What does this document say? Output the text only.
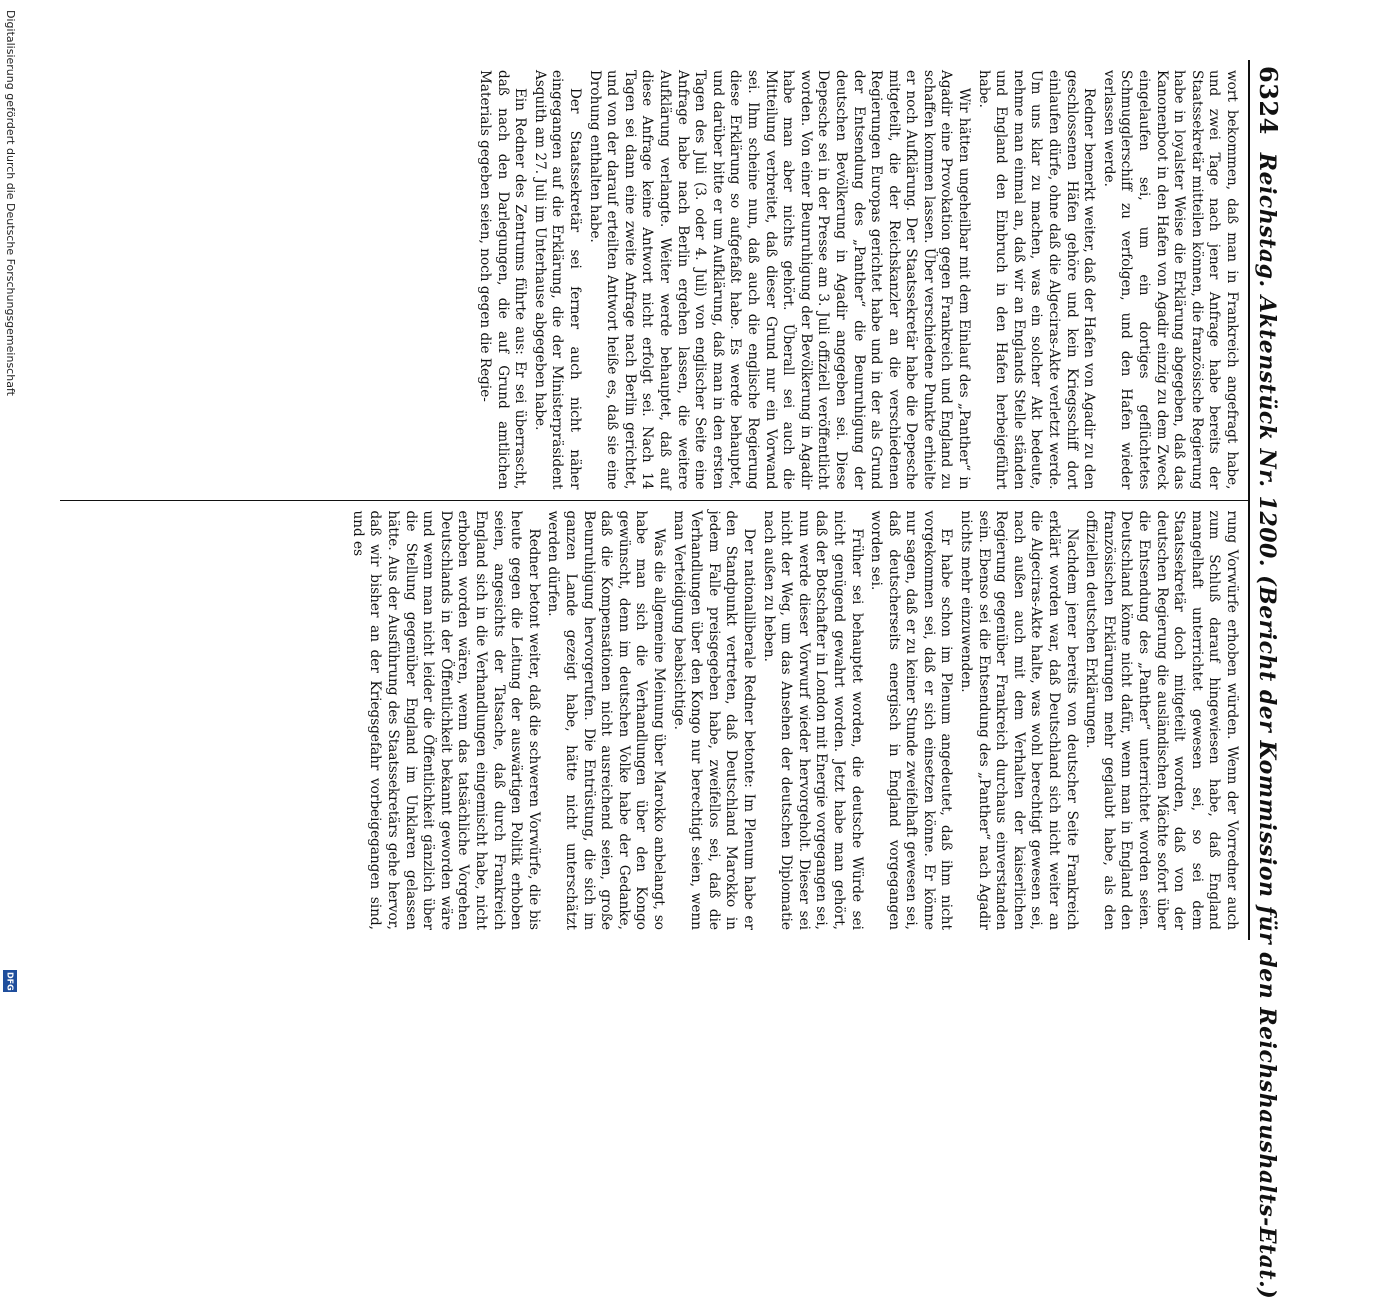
Digitalisierung gefördert durch die Deutsche Forschungsgemeinschaft
DFG
6324
Reichstag. Aktenstück Nr. 1200. (Bericht der Kommission für den Reichshaushalts-Etat.)

wort bekommen, daß man in Frankreich angefragt habe, und zwei Tage nach jener Anfrage habe bereits der Staatssekretär mitteilen können, die französische Regierung habe in loyalster Weise die Erklärung abgegeben, daß das Kanonenboot in den Hafen von Agadir einzig zu dem Zweck eingelaufen sei, um ein dortiges geflüchtetes Schmugglerschiff zu verfolgen, und den Hafen wieder verlassen werde.

Redner bemerkt weiter, daß der Hafen von Agadir zu den geschlossenen Häfen gehöre und kein Kriegsschiff dort einlaufen dürfe, ohne daß die Algeciras-Akte verletzt werde. Um uns klar zu machen, was ein solcher Akt bedeute, nehme man einmal an, daß wir an Englands Stelle ständen und England den Einbruch in den Hafen herbeigeführt habe.

Wir hätten ungeheilbar mit dem Einlauf des „Panther“ in Agadir eine Provokation gegen Frankreich und England zu schaffen kommen lassen. Über verschiedene Punkte erhielte er noch Aufklärung. Der Staatssekretär habe die Depesche mitgeteilt, die der Reichskanzler an die verschiedenen Regierungen Europas gerichtet habe und in der als Grund der Entsendung des „Panther“ die Beunruhigung der deutschen Bevölkerung in Agadir angegeben sei. Diese Depesche sei in der Presse am 3. Juli offiziell veröffentlicht worden. Von einer Beunruhigung der Bevölkerung in Agadir habe man aber nichts gehört. Überall sei auch die Mitteilung verbreitet, daß dieser Grund nur ein Vorwand sei. Ihm scheine nun, daß auch die englische Regierung diese Erklärung so aufgefaßt habe. Es werde behauptet, und darüber bitte er um Aufklärung, daß man in den ersten Tagen des Juli (3. oder 4. Juli) von englischer Seite eine Anfrage habe nach Berlin ergehen lassen, die weitere Aufklärung verlangte. Weiter werde behauptet, daß auf diese Anfrage keine Antwort nicht erfolgt sei. Nach 14 Tagen sei dann eine zweite Anfrage nach Berlin gerichtet, und von der darauf erteilten Antwort heiße es, daß sie eine Drohung enthalten habe.

Der Staatssekretär sei ferner auch nicht näher eingegangen auf die Erklärung, die der Ministerpräsident Asquith am 27. Juli im Unterhause abgegeben habe.

Ein Redner des Zentrums führte aus: Er sei überrascht, daß nach den Darlegungen, die auf Grund amtlichen Materials gegeben seien, noch gegen die Regie-

rung Vorwürfe erhoben würden. Wenn der Vorredner auch zum Schluß darauf hingewiesen habe, daß England mangelhaft unterrichtet gewesen sei, so sei dem Staatssekretär doch mitgeteilt worden, daß von der deutschen Regierung die ausländischen Mächte sofort über die Entsendung des „Panther“ unterrichtet worden seien. Deutschland könne nicht dafür, wenn man in England den französischen Erklärungen mehr geglaubt habe, als den offiziellen deutschen Erklärungen.

Nachdem jener bereits von deutscher Seite Frankreich erklärt worden war, daß Deutschland sich nicht weiter an die Algeciras-Akte halte, was wohl berechtigt gewesen sei, nach außen auch mit dem Verhalten der kaiserlichen Regierung gegenüber Frankreich durchaus einverstanden sein. Ebenso sei die Entsendung des „Panther“ nach Agadir nichts mehr einzuwenden.

Er habe schon im Plenum angedeutet, daß ihm nicht vorgekommen sei, daß er sich einsetzen könne. Er könne nur sagen, daß er zu keiner Stunde zweifelhaft gewesen sei, daß deutscherseits energisch in England vorgegangen worden sei.

Früher sei behauptet worden, die deutsche Würde sei nicht genügend gewahrt worden. Jetzt habe man gehört, daß der Botschafter in London mit Energie vorgegangen sei, nun werde dieser Vorwurf wieder hervorgeholt. Dieser sei nicht der Weg, um das Ansehen der deutschen Diplomatie nach außen zu heben.

Der nationalliberale Redner betonte: Im Plenum habe er den Standpunkt vertreten, daß Deutschland Marokko in jedem Falle preisgegeben habe, zweifellos sei, daß die Verhandlungen über den Kongo nur berechtigt seien, wenn man Verteidigung beabsichtige.

Was die allgemeine Meinung über Marokko anbelangt, so habe man sich die Verhandlungen über den Kongo gewünscht, denn im deutschen Volke habe der Gedanke, daß die Kompensationen nicht ausreichend seien, große Beunruhigung hervorgerufen. Die Entrüstung, die sich im ganzen Lande gezeigt habe, hätte nicht unterschätzt werden dürfen.

Redner betont weiter, daß die schweren Vorwürfe, die bis heute gegen die Leitung der auswärtigen Politik erhoben seien, angesichts der Tatsache, daß durch Frankreich England sich in die Verhandlungen eingemischt habe, nicht erhoben worden wären, wenn das tatsächliche Vorgehen Deutschlands in der Öffentlichkeit bekannt geworden wäre und wenn man nicht leider die Öffentlichkeit gänzlich über die Stellung gegenüber England im Unklaren gelassen hätte. Aus der Ausführung des Staatssekretärs gehe hervor, daß wir bisher an der Kriegsgefahr vorbeigegangen sind, und es
